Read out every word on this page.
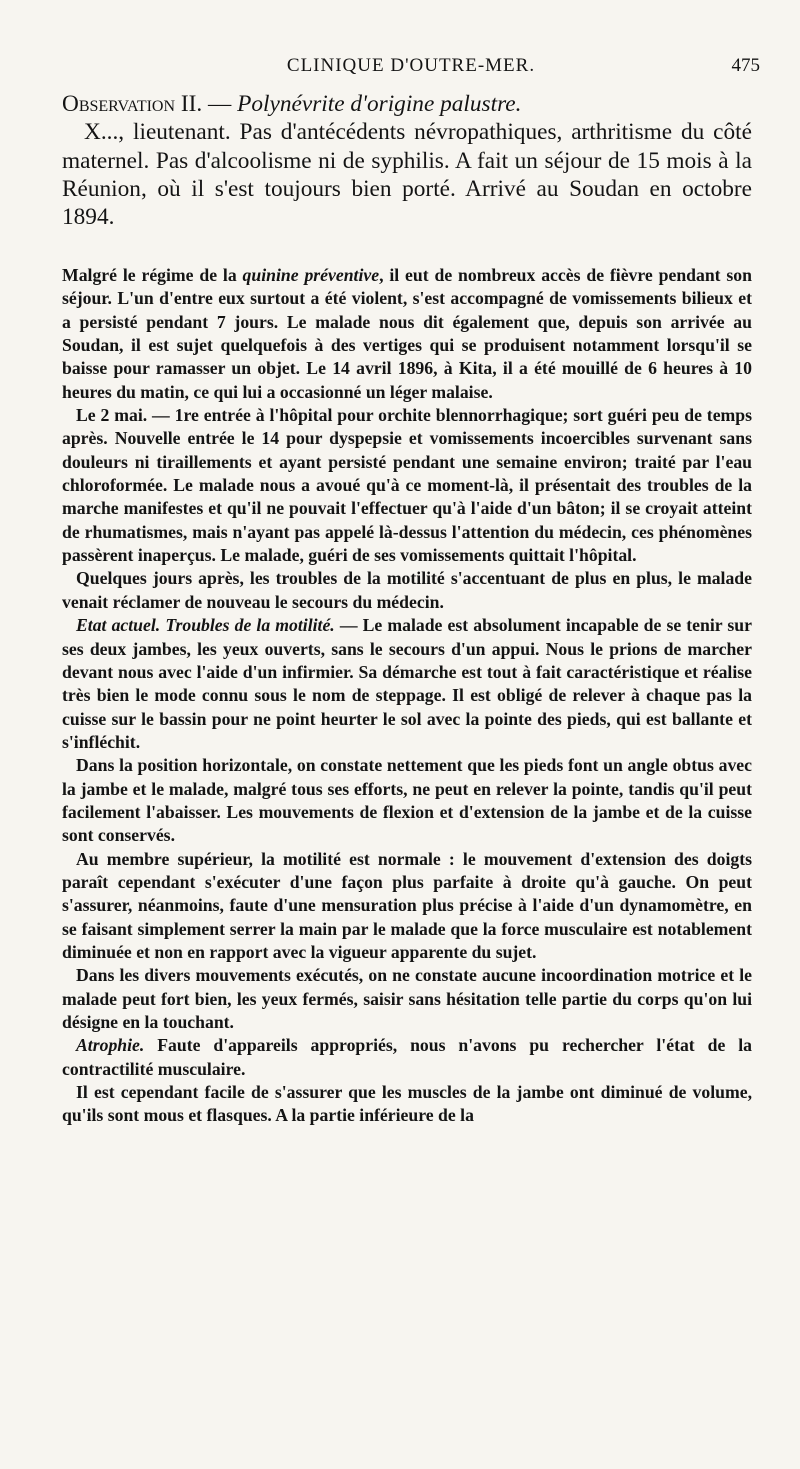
CLINIQUE D'OUTRE-MER.	475

Observation II. — Polynévrite d'origine palustre.

X..., lieutenant. Pas d'antécédents névropathiques, arthritisme du côté maternel. Pas d'alcoolisme ni de syphilis. A fait un séjour de 15 mois à la Réunion, où il s'est toujours bien porté. Arrivé au Soudan en octobre 1894.

Malgré le régime de la quinine préventive, il eut de nombreux accès de fièvre pendant son séjour. L'un d'entre eux surtout a été violent, s'est accompagné de vomissements bilieux et a persisté pendant 7 jours. Le malade nous dit également que, depuis son arrivée au Soudan, il est sujet quelquefois à des vertiges qui se produisent notamment lorsqu'il se baisse pour ramasser un objet. Le 14 avril 1896, à Kita, il a été mouillé de 6 heures à 10 heures du matin, ce qui lui a occasionné un léger malaise.

Le 2 mai. — 1re entrée à l'hôpital pour orchite blennorrhagique; sort guéri peu de temps après. Nouvelle entrée le 14 pour dyspepsie et vomissements incoercibles survenant sans douleurs ni tiraillements et ayant persisté pendant une semaine environ; traité par l'eau chloroformée. Le malade nous a avoué qu'à ce moment-là, il présentait des troubles de la marche manifestes et qu'il ne pouvait l'effectuer qu'à l'aide d'un bâton; il se croyait atteint de rhumatismes, mais n'ayant pas appelé là-dessus l'attention du médecin, ces phénomènes passèrent inaperçus. Le malade, guéri de ses vomissements quittait l'hôpital.

Quelques jours après, les troubles de la motilité s'accentuant de plus en plus, le malade venait réclamer de nouveau le secours du médecin.

Etat actuel. Troubles de la motilité. — Le malade est absolument incapable de se tenir sur ses deux jambes, les yeux ouverts, sans le secours d'un appui. Nous le prions de marcher devant nous avec l'aide d'un infirmier. Sa démarche est tout à fait caractéristique et réalise très bien le mode connu sous le nom de steppage. Il est obligé de relever à chaque pas la cuisse sur le bassin pour ne point heurter le sol avec la pointe des pieds, qui est ballante et s'infléchit.

Dans la position horizontale, on constate nettement que les pieds font un angle obtus avec la jambe et le malade, malgré tous ses efforts, ne peut en relever la pointe, tandis qu'il peut facilement l'abaisser. Les mouvements de flexion et d'extension de la jambe et de la cuisse sont conservés.

Au membre supérieur, la motilité est normale : le mouvement d'extension des doigts paraît cependant s'exécuter d'une façon plus parfaite à droite qu'à gauche. On peut s'assurer, néanmoins, faute d'une mensuration plus précise à l'aide d'un dynamomètre, en se faisant simplement serrer la main par le malade que la force musculaire est notablement diminuée et non en rapport avec la vigueur apparente du sujet.

Dans les divers mouvements exécutés, on ne constate aucune incoordination motrice et le malade peut fort bien, les yeux fermés, saisir sans hésitation telle partie du corps qu'on lui désigne en la touchant.

Atrophie. Faute d'appareils appropriés, nous n'avons pu rechercher l'état de la contractilité musculaire.

Il est cependant facile de s'assurer que les muscles de la jambe ont diminué de volume, qu'ils sont mous et flasques. A la partie inférieure de la
